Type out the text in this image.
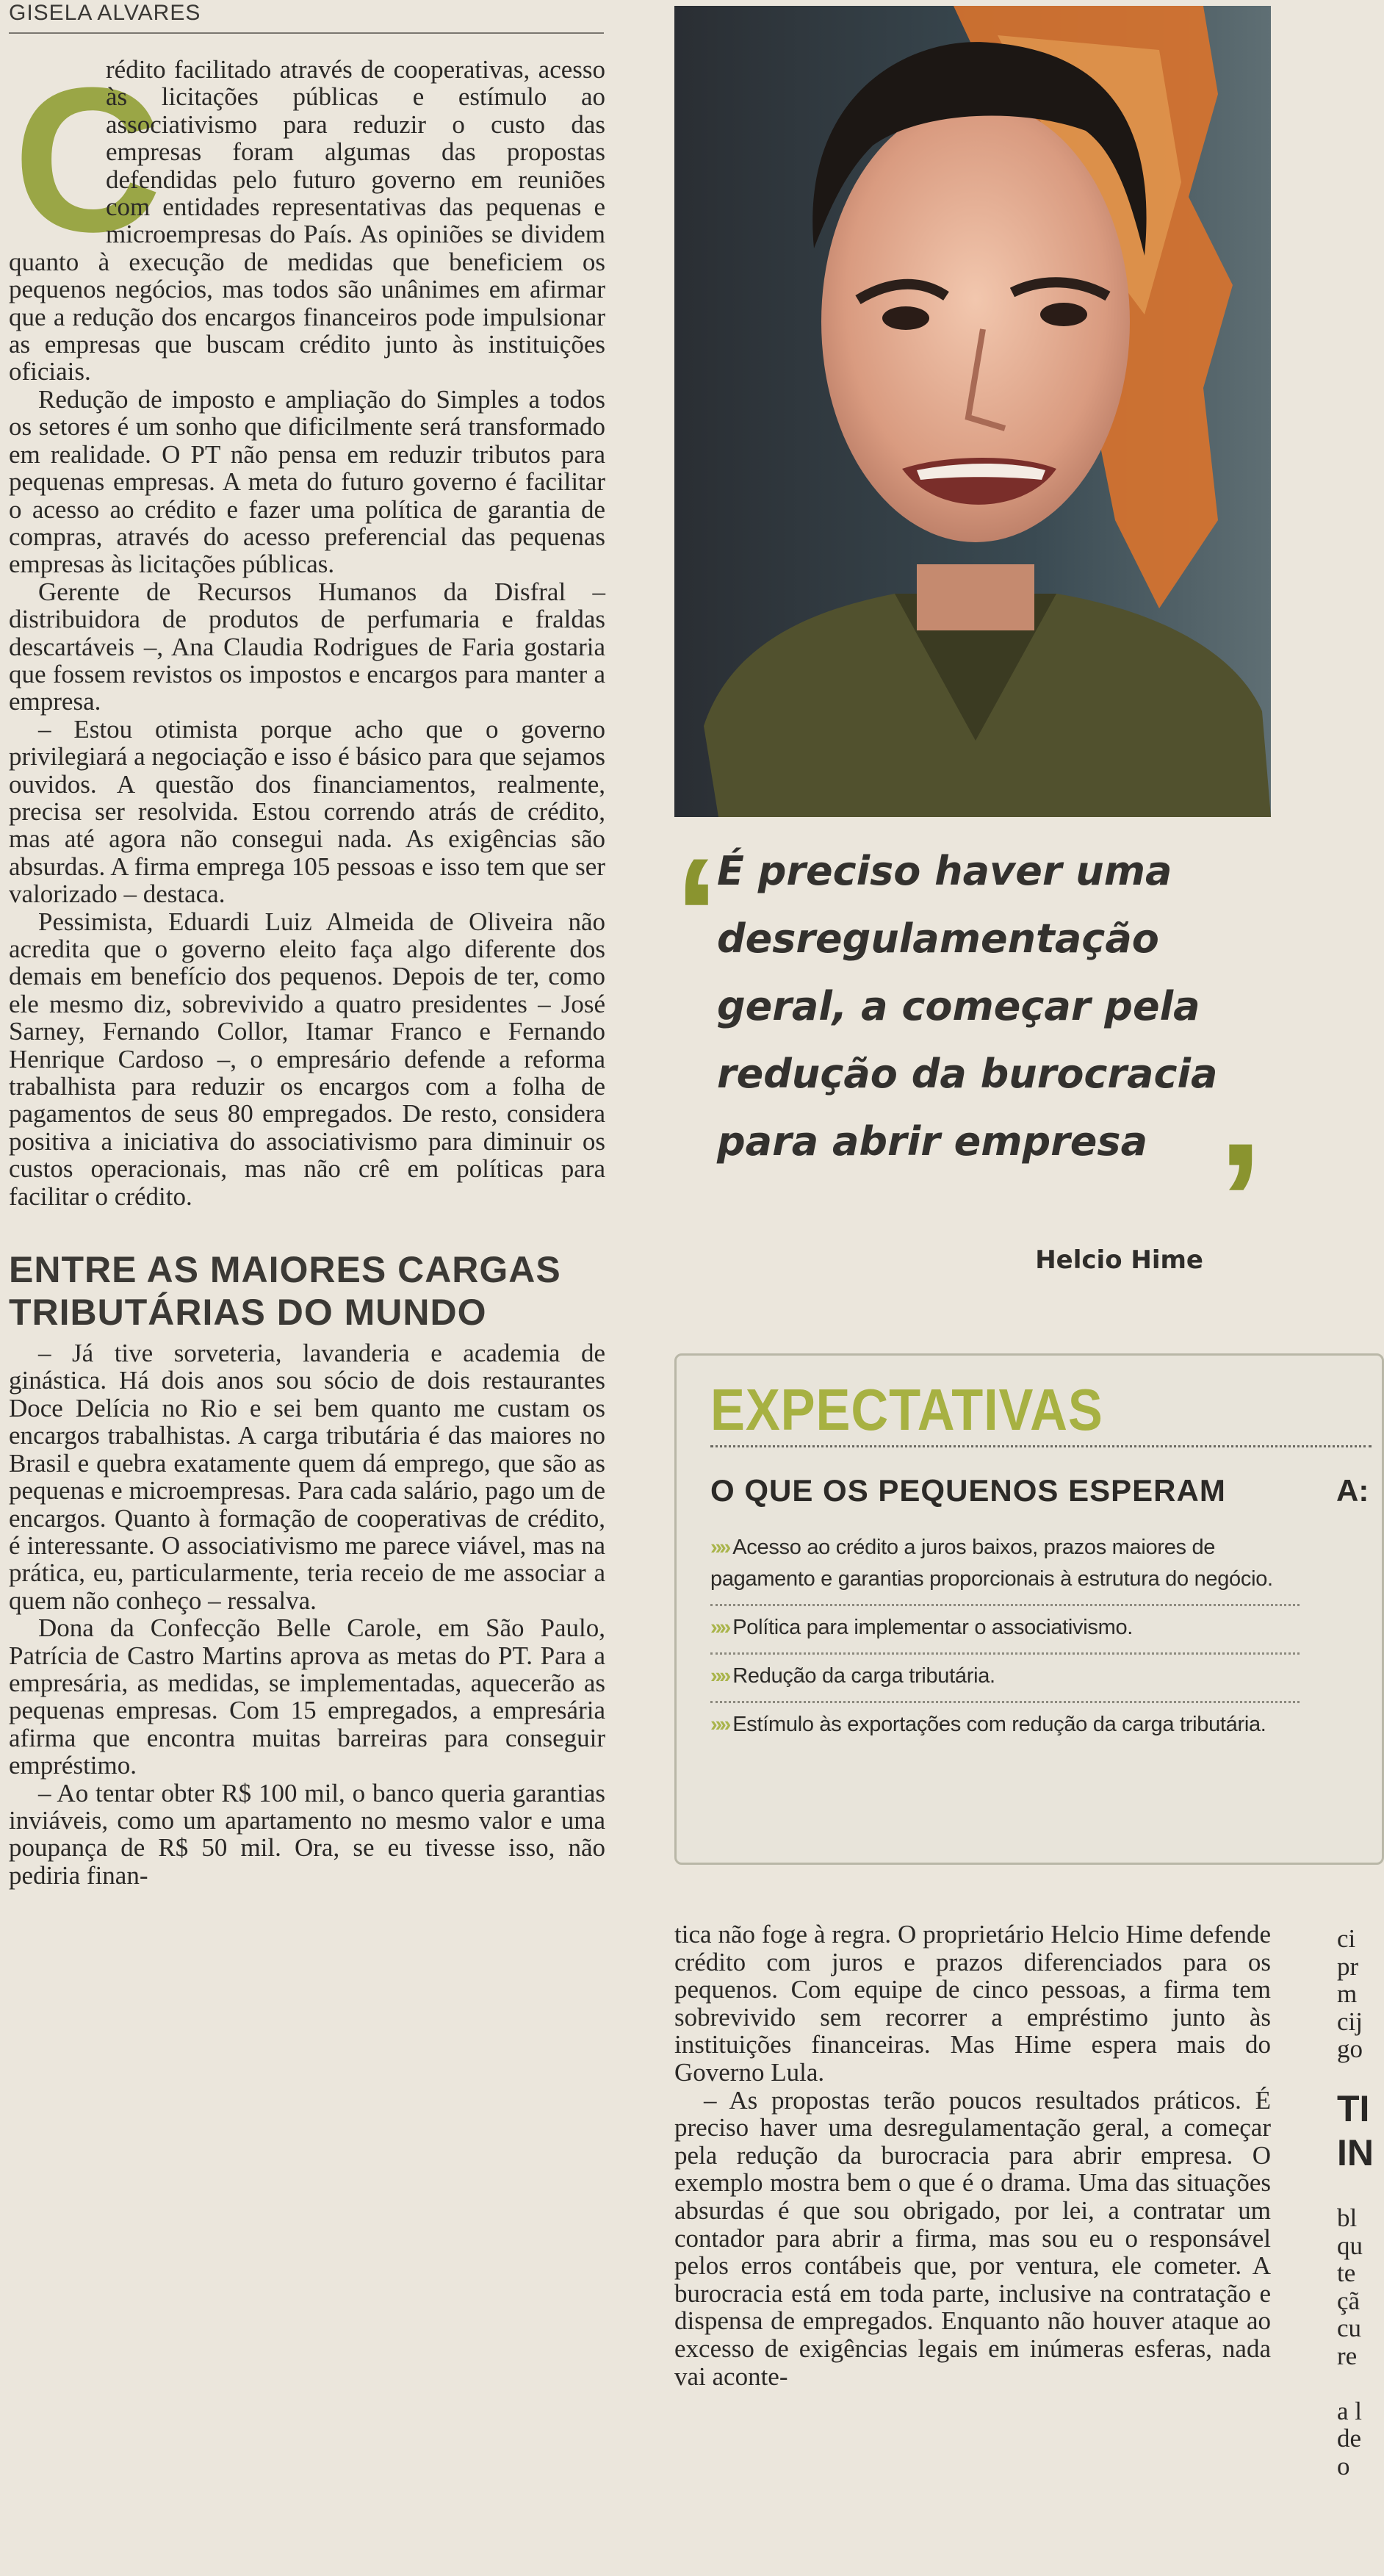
GISELA ALVARES
C

rédito facilitado através de cooperativas, acesso às licitações públicas e estímulo ao associativismo para reduzir o custo das empresas foram algumas das propostas defendidas pelo futuro governo em reuniões com entidades representativas das pequenas e microempresas do País. As opiniões se dividem quanto à execução de medidas que beneficiem os pequenos negócios, mas todos são unânimes em afirmar que a redução dos encargos financeiros pode impulsionar as empresas que buscam crédito junto às instituições oficiais.

Redução de imposto e ampliação do Simples a todos os setores é um sonho que dificilmente será transformado em realidade. O PT não pensa em reduzir tributos para pequenas empresas. A meta do futuro governo é facilitar o acesso ao crédito e fazer uma política de garantia de compras, através do acesso preferencial das pequenas empresas às licitações públicas.

Gerente de Recursos Humanos da Disfral – distribuidora de produtos de perfumaria e fraldas descartáveis –, Ana Claudia Rodrigues de Faria gostaria que fossem revistos os impostos e encargos para manter a empresa.

– Estou otimista porque acho que o governo privilegiará a negociação e isso é básico para que sejamos ouvidos. A questão dos financiamentos, realmente, precisa ser resolvida. Estou correndo atrás de crédito, mas até agora não consegui nada. As exigências são absurdas. A firma emprega 105 pessoas e isso tem que ser valorizado – destaca.

Pessimista, Eduardi Luiz Almeida de Oliveira não acredita que o governo eleito faça algo diferente dos demais em benefício dos pequenos. Depois de ter, como ele mesmo diz, sobrevivido a quatro presidentes – José Sarney, Fernando Collor, Itamar Franco e Fernando Henrique Cardoso –, o empresário defende a reforma trabalhista para reduzir os encargos com a folha de pagamentos de seus 80 empregados. De resto, considera positiva a iniciativa do associativismo para diminuir os custos operacionais, mas não crê em políticas para facilitar o crédito.

ENTRE AS MAIORES CARGAS TRIBUTÁRIAS DO MUNDO

– Já tive sorveteria, lavanderia e academia de ginástica. Há dois anos sou sócio de dois restaurantes Doce Delícia no Rio e sei bem quanto me custam os encargos trabalhistas. A carga tributária é das maiores no Brasil e quebra exatamente quem dá emprego, que são as pequenas e microempresas. Para cada salário, pago um de encargos. Quanto à formação de cooperativas de crédito, é interessante. O associativismo me parece viável, mas na prática, eu, particularmente, teria receio de me associar a quem não conheço – ressalva.

Dona da Confecção Belle Carole, em São Paulo, Patrícia de Castro Martins aprova as metas do PT. Para a empresária, as medidas, se implementadas, aquecerão as pequenas empresas. Com 15 empregados, a empresária afirma que encontra muitas barreiras para conseguir empréstimo.

– Ao tentar obter R$ 100 mil, o banco queria garantias inviáveis, como um apartamento no mesmo valor e uma poupança de R$ 50 mil. Ora, se eu tivesse isso, não pediria finan-

‘
É preciso haver uma desregulamentação geral, a começar pela redução da burocracia para abrir empresa ’
Helcio Hime
EXPECTATIVAS
O QUE OS PEQUENOS ESPERAM	A:
»» Acesso ao crédito a juros baixos, prazos maiores de pagamento e garantias proporcionais à estrutura do negócio.
»» Política para implementar o associativismo.
»» Redução da carga tributária.
»» Estímulo às exportações com redução da carga tributária.

tica não foge à regra. O proprietário Helcio Hime defende crédito com juros e prazos diferenciados para os pequenos. Com equipe de cinco pessoas, a firma tem sobrevivido sem recorrer a empréstimo junto às instituições financeiras. Mas Hime espera mais do Governo Lula.

– As propostas terão poucos resultados práticos. É preciso haver uma desregulamentação geral, a começar pela redução da burocracia para abrir empresa. O exemplo mostra bem o que é o drama. Uma das situações absurdas é que sou obrigado, por lei, a contratar um contador para abrir a firma, mas sou eu o responsável pelos erros contábeis que, por ventura, ele cometer. A burocracia está em toda parte, inclusive na contratação e dispensa de empregados. Enquanto não houver ataque ao excesso de exigências legais em inúmeras esferas, nada vai aconte-

ci
pr
m
cij
go
TI
IN
bl
qu
te
çã
cu
re
a l
de
o
